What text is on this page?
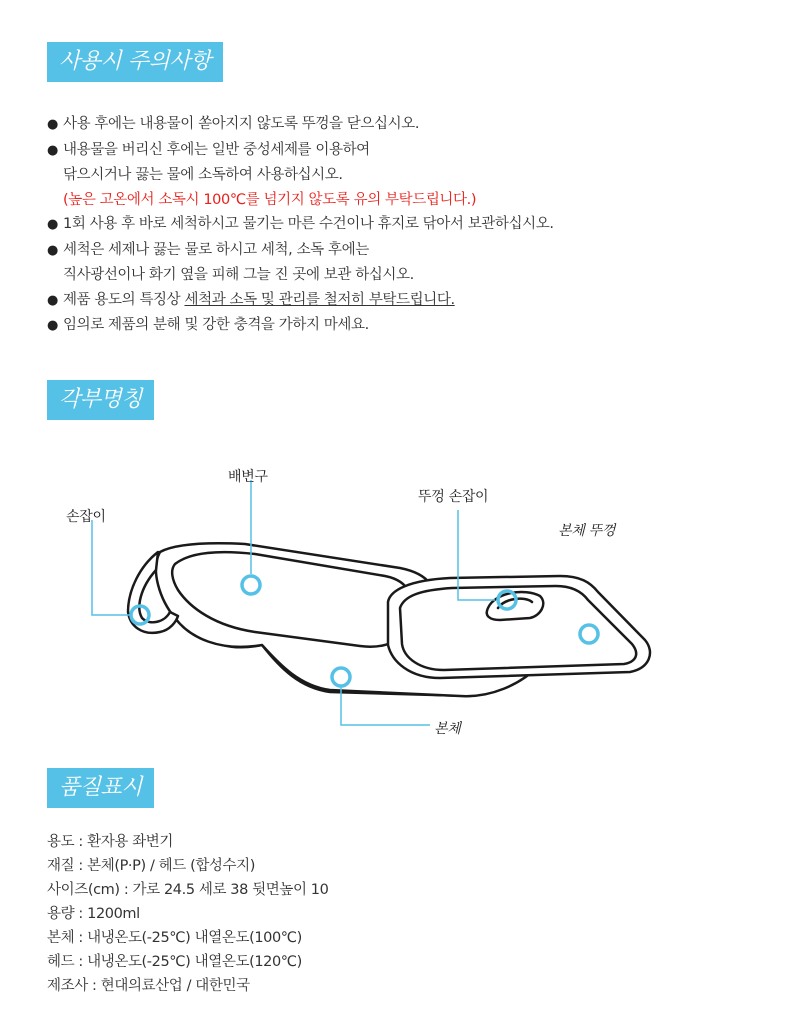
사용시 주의사항
● 사용 후에는 내용물이 쏟아지지 않도록 뚜껑을 닫으십시오.
● 내용물을 버리신 후에는 일반 중성세제를 이용하여
닦으시거나 끓는 물에 소독하여 사용하십시오.
(높은 고온에서 소독시 100℃를 넘기지 않도록 유의 부탁드립니다.)
● 1회 사용 후 바로 세척하시고 물기는 마른 수건이나 휴지로 닦아서 보관하십시오.
● 세척은 세제나 끓는 물로 하시고 세척, 소독 후에는
직사광선이나 화기 옆을 피해 그늘 진 곳에 보관 하십시오.
● 제품 용도의 특징상 세척과 소독 및 관리를 철저히 부탁드립니다.
● 임의로 제품의 분해 및 강한 충격을 가하지 마세요.
각부명칭
손잡이
배변구
뚜껑 손잡이
본체 뚜껑
본체
품질표시
용도 : 환자용 좌변기
재질 : 본체(P·P) / 헤드 (합성수지)
사이즈(cm) : 가로 24.5 세로 38 뒷면높이 10
용량 : 1200ml
본체 : 내냉온도(-25℃) 내열온도(100℃)
헤드 : 내냉온도(-25℃) 내열온도(120℃)
제조사 : 현대의료산업 / 대한민국
